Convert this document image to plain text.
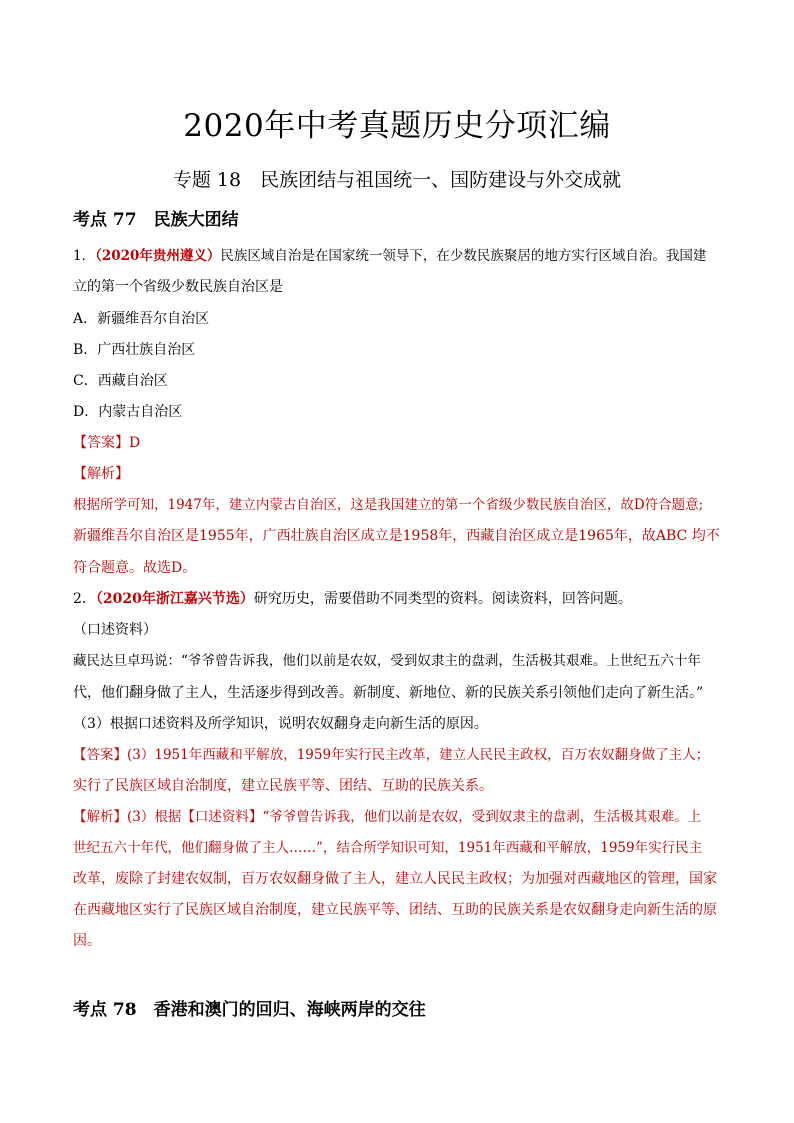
2020年中考真题历史分项汇编
专题 18　民族团结与祖国统一、国防建设与外交成就
考点 77　民族大团结
1．（2020年贵州遵义）民族区域自治是在国家统一领导下，在少数民族聚居的地方实行区域自治。我国建
立的第一个省级少数民族自治区是
A．新疆维吾尔自治区
B．广西壮族自治区
C．西藏自治区
D．内蒙古自治区
【答案】D
【解析】
根据所学可知，1947年，建立内蒙古自治区，这是我国建立的第一个省级少数民族自治区，故D符合题意;
新疆维吾尔自治区是1955年，广西壮族自治区成立是1958年，西藏自治区成立是1965年，故ABC 均不
符合题意。故选D。
2．（2020年浙江嘉兴节选）研究历史，需要借助不同类型的资料。阅读资料，回答问题。
（口述资料）
藏民达旦卓玛说：“爷爷曾告诉我，他们以前是农奴，受到奴隶主的盘剥，生活极其艰难。上世纪五六十年
代，他们翻身做了主人，生活逐步得到改善。新制度、新地位、新的民族关系引领他们走向了新生活。”
（3）根据口述资料及所学知识，说明农奴翻身走向新生活的原因。
【答案】(3）1951年西藏和平解放，1959年实行民主改革，建立人民民主政权，百万农奴翻身做了主人；
实行了民族区域自治制度，建立民族平等、团结、互助的民族关系。
【解析】(3）根据【口述资料】“爷爷曾告诉我，他们以前是农奴，受到奴隶主的盘剥，生活极其艰难。上
世纪五六十年代，他们翻身做了主人……”，结合所学知识可知，1951年西藏和平解放，1959年实行民主
改革，废除了封建农奴制，百万农奴翻身做了主人，建立人民民主政权；为加强对西藏地区的管理，国家
在西藏地区实行了民族区域自治制度，建立民族平等、团结、互助的民族关系是农奴翻身走向新生活的原
因。
考点 78　香港和澳门的回归、海峡两岸的交往
